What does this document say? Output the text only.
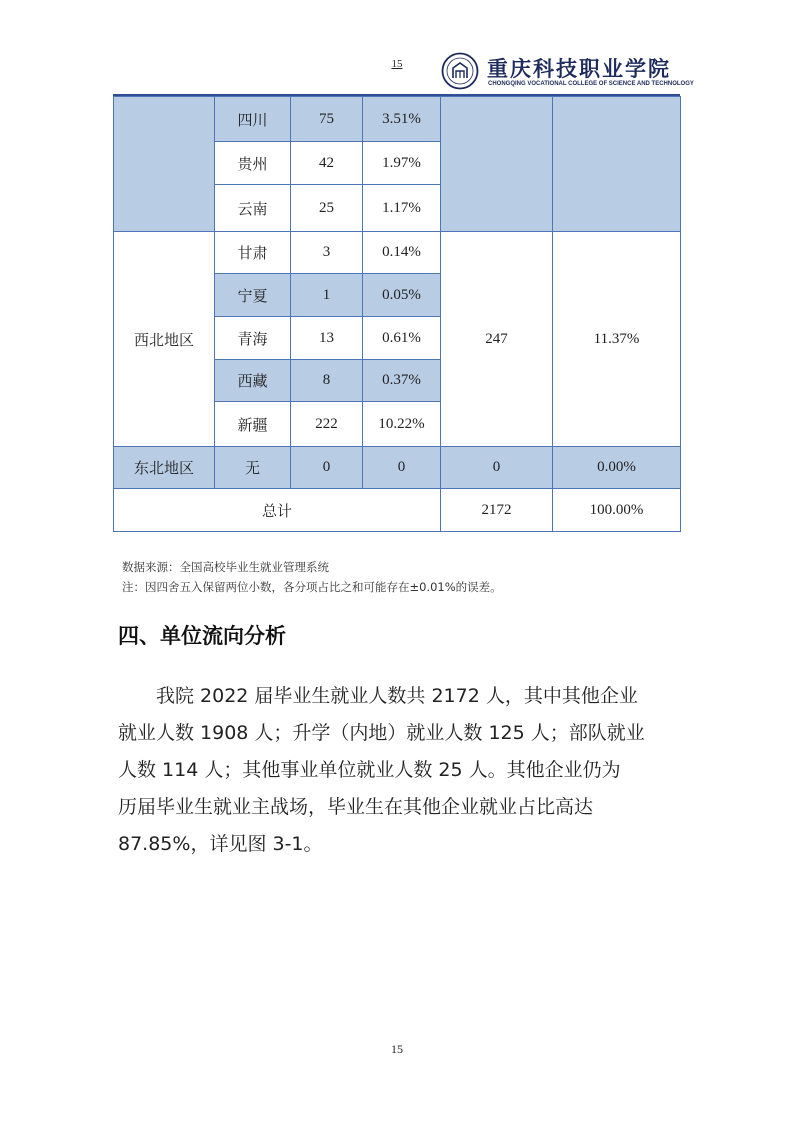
15	重庆科技职业学院
CHONGQING VOCATIONAL COLLEGE OF SCIENCE AND TECHNOLOGY
	四川	75	3.51%		
	贵州	42	1.97%		
	云南	25	1.17%		
西北地区	甘肃	3	0.14%	247	11.37%
	宁夏	1	0.05%		
	青海	13	0.61%		
	西藏	8	0.37%		
	新疆	222	10.22%		
东北地区	无	0	0	0	0.00%
总计				2172	100.00%
数据来源：全国高校毕业生就业管理系统
注：因四舍五入保留两位小数，各分项占比之和可能存在±0.01%的误差。
四、单位流向分析
我院 2022 届毕业生就业人数共 2172 人，其中其他企业
就业人数 1908 人；升学（内地）就业人数 125 人；部队就业
人数 114 人；其他事业单位就业人数 25 人。其他企业仍为
历届毕业生就业主战场，毕业生在其他企业就业占比高达
87.85%，详见图 3-1。
15
